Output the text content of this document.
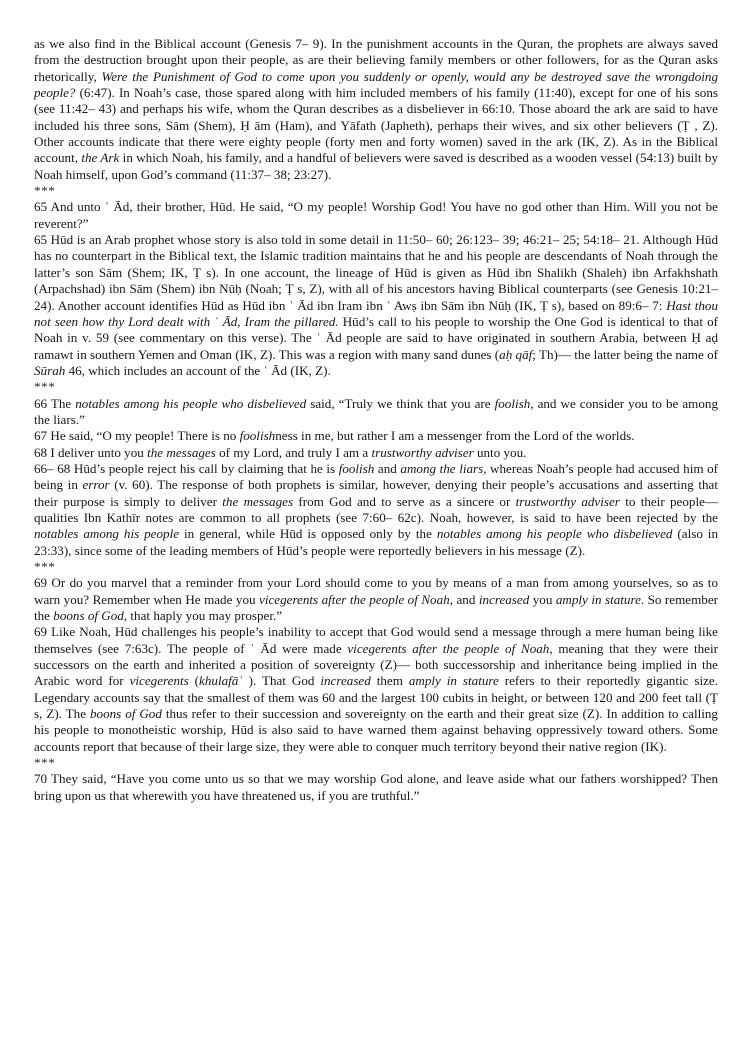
as we also find in the Biblical account (Genesis 7– 9). In the punishment accounts in the Quran, the prophets are always saved from the destruction brought upon their people, as are their believing family members or other followers, for as the Quran asks rhetorically, Were the Punishment of God to come upon you suddenly or openly, would any be destroyed save the wrongdoing people? (6:47). In Noah’s case, those spared along with him included members of his family (11:40), except for one of his sons (see 11:42– 43) and perhaps his wife, whom the Quran describes as a disbeliever in 66:10. Those aboard the ark are said to have included his three sons, Sām (Shem), Ḥ ām (Ham), and Yāfath (Japheth), perhaps their wives, and six other believers (Ṭ , Z). Other accounts indicate that there were eighty people (forty men and forty women) saved in the ark (IK, Z). As in the Biblical account, the Ark in which Noah, his family, and a handful of believers were saved is described as a wooden vessel (54:13) built by Noah himself, upon God’s command (11:37– 38; 23:27).

***

65 And unto ʿ Ād, their brother, Hūd. He said, “O my people! Worship God! You have no god other than Him. Will you not be reverent?”

65 Hūd is an Arab prophet whose story is also told in some detail in 11:50– 60; 26:123– 39; 46:21– 25; 54:18– 21. Although Hūd has no counterpart in the Biblical text, the Islamic tradition maintains that he and his people are descendants of Noah through the latter’s son Sām (Shem; IK, Ṭ s). In one account, the lineage of Hūd is given as Hūd ibn Shalikh (Shaleh) ibn Arfakhshath (Arpachshad) ibn Sām (Shem) ibn Nūḥ (Noah; Ṭ s, Z), with all of his ancestors having Biblical counterparts (see Genesis 10:21– 24). Another account identifies Hūd as Hūd ibn ʿ Ād ibn Iram ibn ʿ Awṣ ibn Sām ibn Nūḥ (IK, Ṭ s), based on 89:6– 7: Hast thou not seen how thy Lord dealt with ʿ Ād, Iram the pillared. Hūd’s call to his people to worship the One God is identical to that of Noah in v. 59 (see commentary on this verse). The ʿ Ād people are said to have originated in southern Arabia, between Ḥ aḍ ramawt in southern Yemen and Oman (IK, Z). This was a region with many sand dunes (aḥ qāf; Th)— the latter being the name of Sūrah 46, which includes an account of the ʿ Ād (IK, Z).

***

66 The notables among his people who disbelieved said, “Truly we think that you are foolish, and we consider you to be among the liars.”

67 He said, “O my people! There is no foolishness in me, but rather I am a messenger from the Lord of the worlds.

68 I deliver unto you the messages of my Lord, and truly I am a trustworthy adviser unto you.

66– 68 Hūd’s people reject his call by claiming that he is foolish and among the liars, whereas Noah’s people had accused him of being in error (v. 60). The response of both prophets is similar, however, denying their people’s accusations and asserting that their purpose is simply to deliver the messages from God and to serve as a sincere or trustworthy adviser to their people— qualities Ibn Kathīr notes are common to all prophets (see 7:60– 62c). Noah, however, is said to have been rejected by the notables among his people in general, while Hūd is opposed only by the notables among his people who disbelieved (also in 23:33), since some of the leading members of Hūd’s people were reportedly believers in his message (Z).

***

69 Or do you marvel that a reminder from your Lord should come to you by means of a man from among yourselves, so as to warn you? Remember when He made you vicegerents after the people of Noah, and increased you amply in stature. So remember the boons of God, that haply you may prosper.”

69 Like Noah, Hūd challenges his people’s inability to accept that God would send a message through a mere human being like themselves (see 7:63c). The people of ʿ Ād were made vicegerents after the people of Noah, meaning that they were their successors on the earth and inherited a position of sovereignty (Z)— both successorship and inheritance being implied in the Arabic word for vicegerents (khulafāʾ ). That God increased them amply in stature refers to their reportedly gigantic size. Legendary accounts say that the smallest of them was 60 and the largest 100 cubits in height, or between 120 and 200 feet tall (Ṭ s, Z). The boons of God thus refer to their succession and sovereignty on the earth and their great size (Z). In addition to calling his people to monotheistic worship, Hūd is also said to have warned them against behaving oppressively toward others. Some accounts report that because of their large size, they were able to conquer much territory beyond their native region (IK).

***

70 They said, “Have you come unto us so that we may worship God alone, and leave aside what our fathers worshipped? Then bring upon us that wherewith you have threatened us, if you are truthful.”
